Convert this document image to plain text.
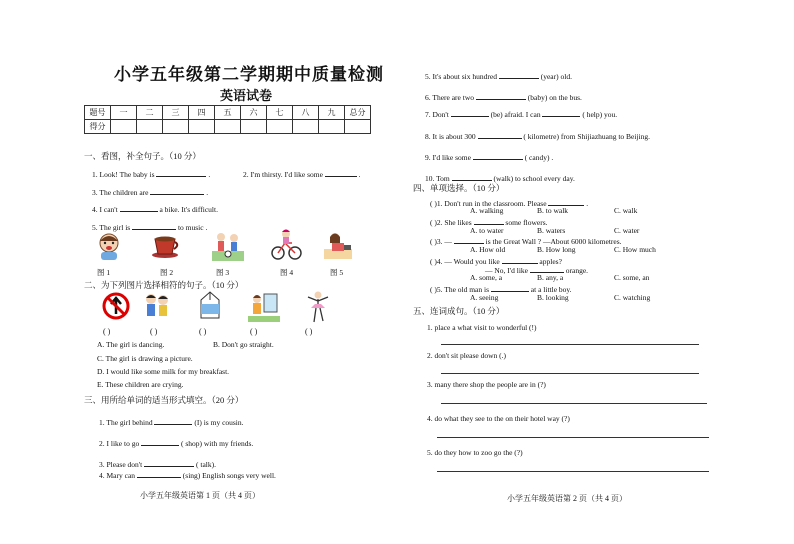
小学五年级第二学期期中质量检测
英语试卷
题号	一	二	三	四	五	六	七	八	九	总分
得分										
一、看图，补全句子。（10 分）
1. Look! The baby is	.	2. I'm thirsty. I'd like some	.
3. The children are	.
4. I can't	a bike. It's difficult.
5. The girl is	to music .
图 1	图 2	图 3	图 4	图 5
二、为下列图片选择相符的句子。（10 分）
( )	( )	( )	( )	( )
A. The girl is dancing.	B. Don't go straight.
C. The girl is drawing a picture.
D. I would like some milk for my breakfast.
E. These children are crying.
三、用所给单词的适当形式填空。（20 分）
1. The girl behind	(I) is my cousin.
2. I like to go	( shop) with my friends.
3. Please don't	( talk).
4. Mary can	(sing) English songs very well.
小学五年级英语第 1 页（共 4 页）
5. It's about six hundred	(year) old.
6. There are two	(baby) on the bus.
7. Don't	(be) afraid. I can	( help) you.
8. It is about 300	( kilometre) from Shijiazhuang to Beijing.
9. I'd like some	( candy) .
10. Tom	(walk) to school every day.
四、单项选择。（10 分）
( )1. Don't run in the classroom. Please	.
A. walking	B. to walk	C. walk
( )2. She likes	some flowers.
A. to water	B. waters	C. water
( )3. —	is the Great Wall ? —About 6000 kilometres.
A. How old	B. How long	C. How much
( )4. — Would you like	apples?
— No, I'd like	orange.
A. some, a	B. any, a	C. some, an
( )5. The old man is	at a little boy.
A. seeing	B. looking	C. watching
五、连词成句。（10 分）
1. place a what visit to wonderful (!)
2. don't sit please down (.)
3. many there shop the people are in (?)
4. do what they see to the on their hotel way (?)
5. do they how to zoo go the (?)
小学五年级英语第 2 页（共 4 页）
